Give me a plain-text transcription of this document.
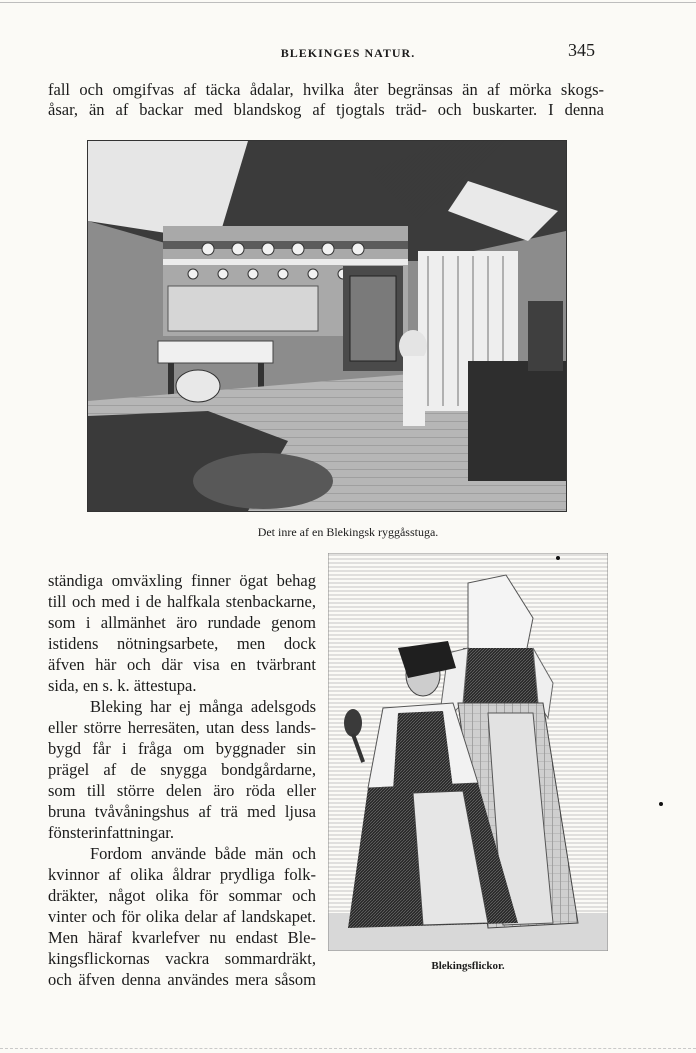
BLEKINGES NATUR.	345
fall och omgifvas af täcka ådalar, hvilka åter begränsas än af mörka skogs-
åsar, än af backar med blandskog af tjogtals träd- och buskarter. I denna
Det inre af en Blekingsk ryggåsstuga.
ständiga omväxling finner ögat behag
till och med i de halfkala stenbackarne,
som i allmänhet äro rundade genom
istidens nötningsarbete, men dock
äfven här och där visa en tvärbrant
sida, en s. k. ättestupa.
Bleking har ej många adelsgods
eller större herresäten, utan dess lands-
bygd får i fråga om byggnader sin
prägel af de snygga bondgårdarne,
som till större delen äro röda eller
bruna tvåvåningshus af trä med ljusa
fönsterinfattningar.
Fordom använde både män och
kvinnor af olika åldrar prydliga folk-
dräkter, något olika för sommar och
vinter och för olika delar af landskapet.
Men häraf kvarlefver nu endast Ble-
kingsflickornas vackra sommardräkt,
och äfven denna användes mera såsom
Blekingsflickor.
